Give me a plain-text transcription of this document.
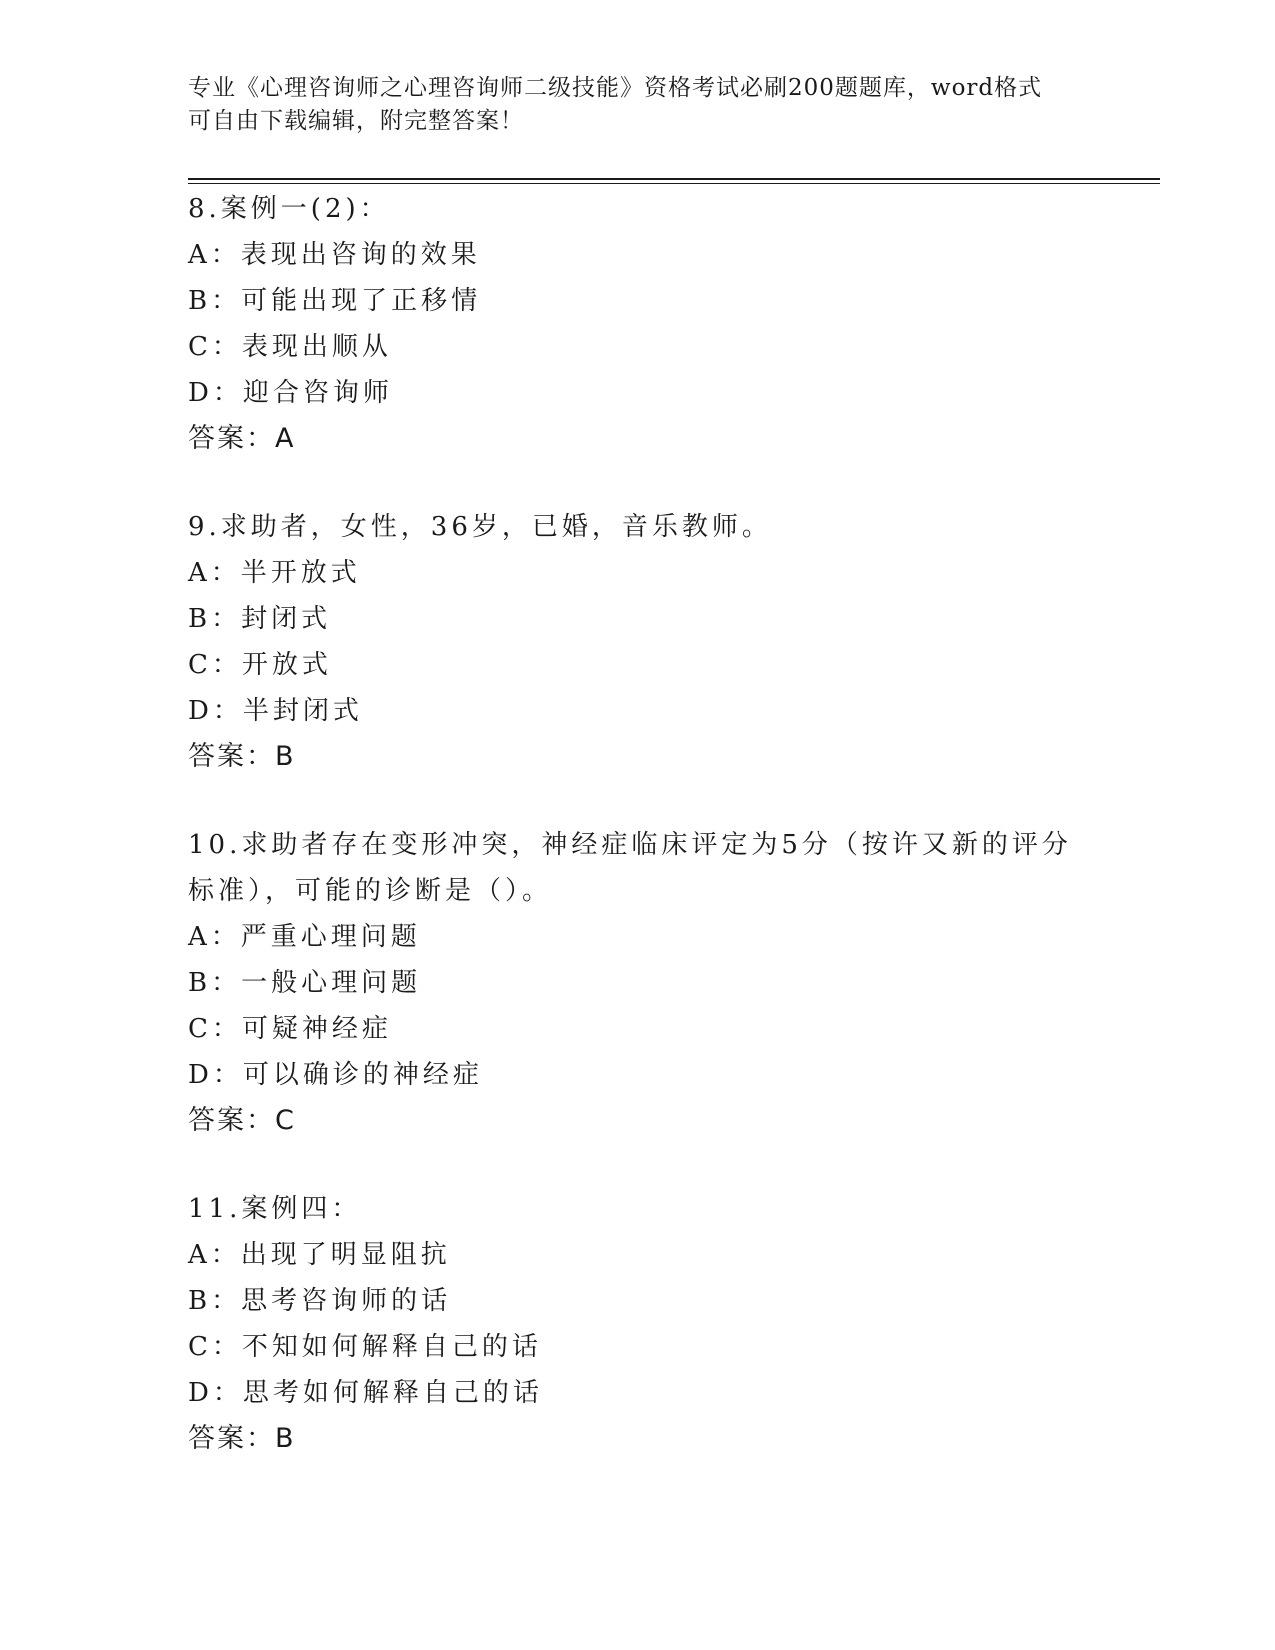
专业《心理咨询师之心理咨询师二级技能》资格考试必刷200题题库，word格式
可自由下载编辑，附完整答案！
8.案例一(2)：
A：表现出咨询的效果
B：可能出现了正移情
C：表现出顺从
D：迎合咨询师
答案：A
9.求助者，女性，36岁，已婚，音乐教师。
A：半开放式
B：封闭式
C：开放式
D：半封闭式
答案：B
10.求助者存在变形冲突，神经症临床评定为5分（按许又新的评分标准），可能的诊断是（）。
A：严重心理问题
B：一般心理问题
C：可疑神经症
D：可以确诊的神经症
答案：C
11.案例四：
A：出现了明显阻抗
B：思考咨询师的话
C：不知如何解释自己的话
D：思考如何解释自己的话
答案：B
